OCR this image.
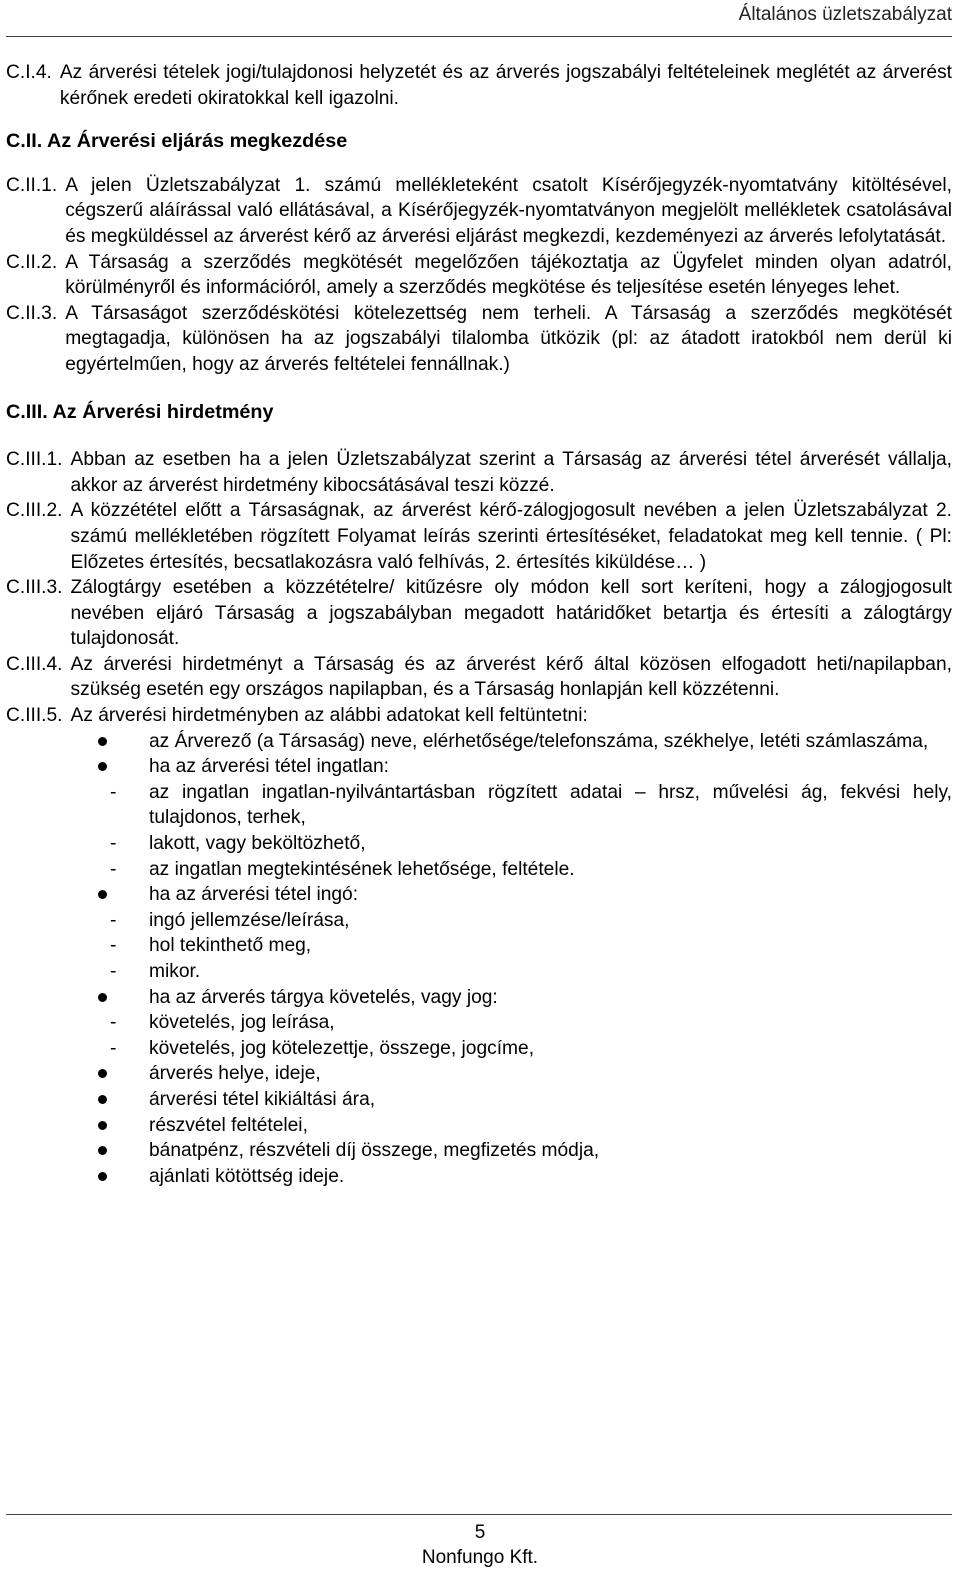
Általános üzletszabályzat
C.I.4. Az árverési tételek jogi/tulajdonosi helyzetét és az árverés jogszabályi feltételeinek meglétét az árverést kérőnek eredeti okiratokkal kell igazolni.

C.II. Az Árverési eljárás megkezdése

C.II.1. A jelen Üzletszabályzat 1. számú mellékleteként csatolt Kísérőjegyzék-nyomtatvány kitöltésével, cégszerű aláírással való ellátásával, a Kísérőjegyzék-nyomtatványon megjelölt mellékletek csatolásával és megküldéssel az árverést kérő az árverési eljárást megkezdi, kezdeményezi az árverés lefolytatását.
C.II.2. A Társaság a szerződés megkötését megelőzően tájékoztatja az Ügyfelet minden olyan adatról, körülményről és információról, amely a szerződés megkötése és teljesítése esetén lényeges lehet.
C.II.3. A Társaságot szerződéskötési kötelezettség nem terheli. A Társaság a szerződés megkötését megtagadja, különösen ha az jogszabályi tilalomba ütközik (pl: az átadott iratokból nem derül ki egyértelműen, hogy az árverés feltételei fennállnak.)

C.III. Az Árverési hirdetmény

C.III.1. Abban az esetben ha a jelen Üzletszabályzat szerint a Társaság az árverési tétel árverését vállalja, akkor az árverést hirdetmény kibocsátásával teszi közzé.
C.III.2. A közzététel előtt a Társaságnak, az árverést kérő-zálogjogosult nevében a jelen Üzletszabályzat 2. számú mellékletében rögzített Folyamat leírás szerinti értesítéséket, feladatokat meg kell tennie. ( Pl: Előzetes értesítés, becsatlakozásra való felhívás, 2. értesítés kiküldése… )
C.III.3. Zálogtárgy esetében a közzétételre/ kitűzésre oly módon kell sort keríteni, hogy a zálogjogosult nevében eljáró Társaság a jogszabályban megadott határidőket betartja és értesíti a zálogtárgy tulajdonosát.
C.III.4. Az árverési hirdetményt a Társaság és az árverést kérő által közösen elfogadott heti/napilapban, szükség esetén egy országos napilapban, és a Társaság honlapján kell közzétenni.
C.III.5. Az árverési hirdetményben az alábbi adatokat kell feltüntetni:
az Árverező (a Társaság) neve, elérhetősége/telefonszáma, székhelye, letéti számlaszáma,
ha az árverési tétel ingatlan:
- az ingatlan ingatlan-nyilvántartásban rögzített adatai – hrsz, művelési ág, fekvési hely, tulajdonos, terhek,
- lakott, vagy beköltözhető,
- az ingatlan megtekintésének lehetősége, feltétele.
ha az árverési tétel ingó:
- ingó jellemzése/leírása,
- hol tekinthető meg,
- mikor.
ha az árverés tárgya követelés, vagy jog:
- követelés, jog leírása,
- követelés, jog kötelezettje, összege, jogcíme,
árverés helye, ideje,
árverési tétel kikiáltási ára,
részvétel feltételei,
bánatpénz, részvételi díj összege, megfizetés módja,
ajánlati kötöttség ideje.
5
Nonfungo Kft.
